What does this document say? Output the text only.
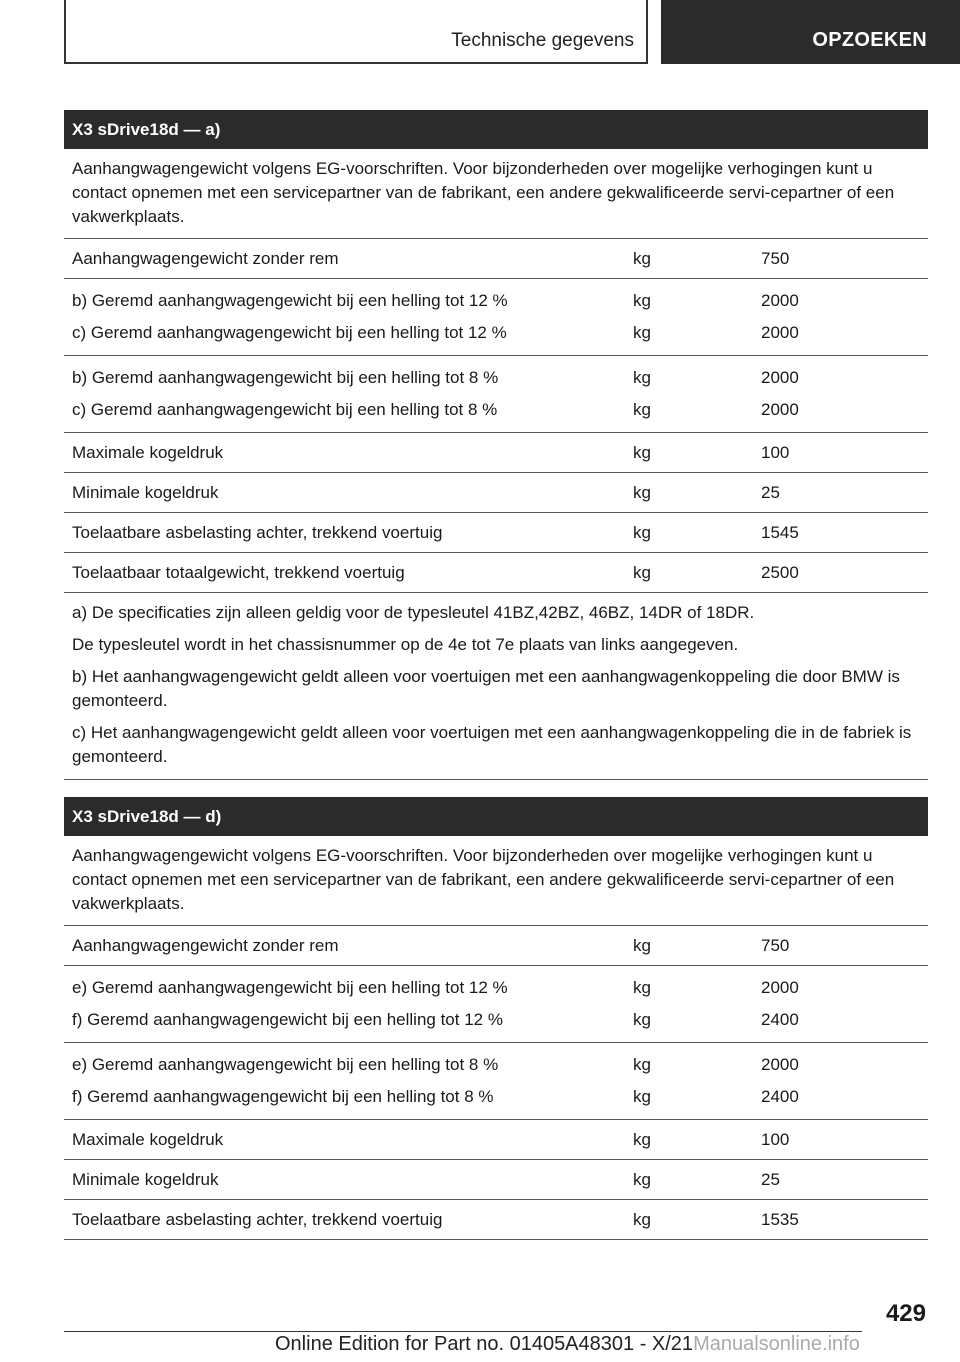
Technische gegevens	OPZOEKEN
X3 sDrive18d — a)
Aanhangwagengewicht volgens EG-voorschriften. Voor bijzonderheden over mogelijke verhogingen kunt u contact opnemen met een servicepartner van de fabrikant, een andere gekwalificeerde servi-cepartner of een vakwerkplaats.
Aanhangwagengewicht zonder rem	kg	750
b) Geremd aanhangwagengewicht bij een helling tot 12 %	kg	2000
c) Geremd aanhangwagengewicht bij een helling tot 12 %	kg	2000
b) Geremd aanhangwagengewicht bij een helling tot 8 %	kg	2000
c) Geremd aanhangwagengewicht bij een helling tot 8 %	kg	2000
Maximale kogeldruk	kg	100
Minimale kogeldruk	kg	25
Toelaatbare asbelasting achter, trekkend voertuig	kg	1545
Toelaatbaar totaalgewicht, trekkend voertuig	kg	2500

a) De specificaties zijn alleen geldig voor de typesleutel 41BZ,42BZ, 46BZ, 14DR of 18DR.

De typesleutel wordt in het chassisnummer op de 4e tot 7e plaats van links aangegeven.

b) Het aanhangwagengewicht geldt alleen voor voertuigen met een aanhangwagenkoppeling die door BMW is gemonteerd.

c) Het aanhangwagengewicht geldt alleen voor voertuigen met een aanhangwagenkoppeling die in de fabriek is gemonteerd.

X3 sDrive18d — d)
Aanhangwagengewicht volgens EG-voorschriften. Voor bijzonderheden over mogelijke verhogingen kunt u contact opnemen met een servicepartner van de fabrikant, een andere gekwalificeerde servi-cepartner of een vakwerkplaats.
Aanhangwagengewicht zonder rem	kg	750
e) Geremd aanhangwagengewicht bij een helling tot 12 %	kg	2000
f) Geremd aanhangwagengewicht bij een helling tot 12 %	kg	2400
e) Geremd aanhangwagengewicht bij een helling tot 8 %	kg	2000
f) Geremd aanhangwagengewicht bij een helling tot 8 %	kg	2400
Maximale kogeldruk	kg	100
Minimale kogeldruk	kg	25
Toelaatbare asbelasting achter, trekkend voertuig	kg	1535
429
Online Edition for Part no. 01405A48301 - X/21Manualsonline.info
